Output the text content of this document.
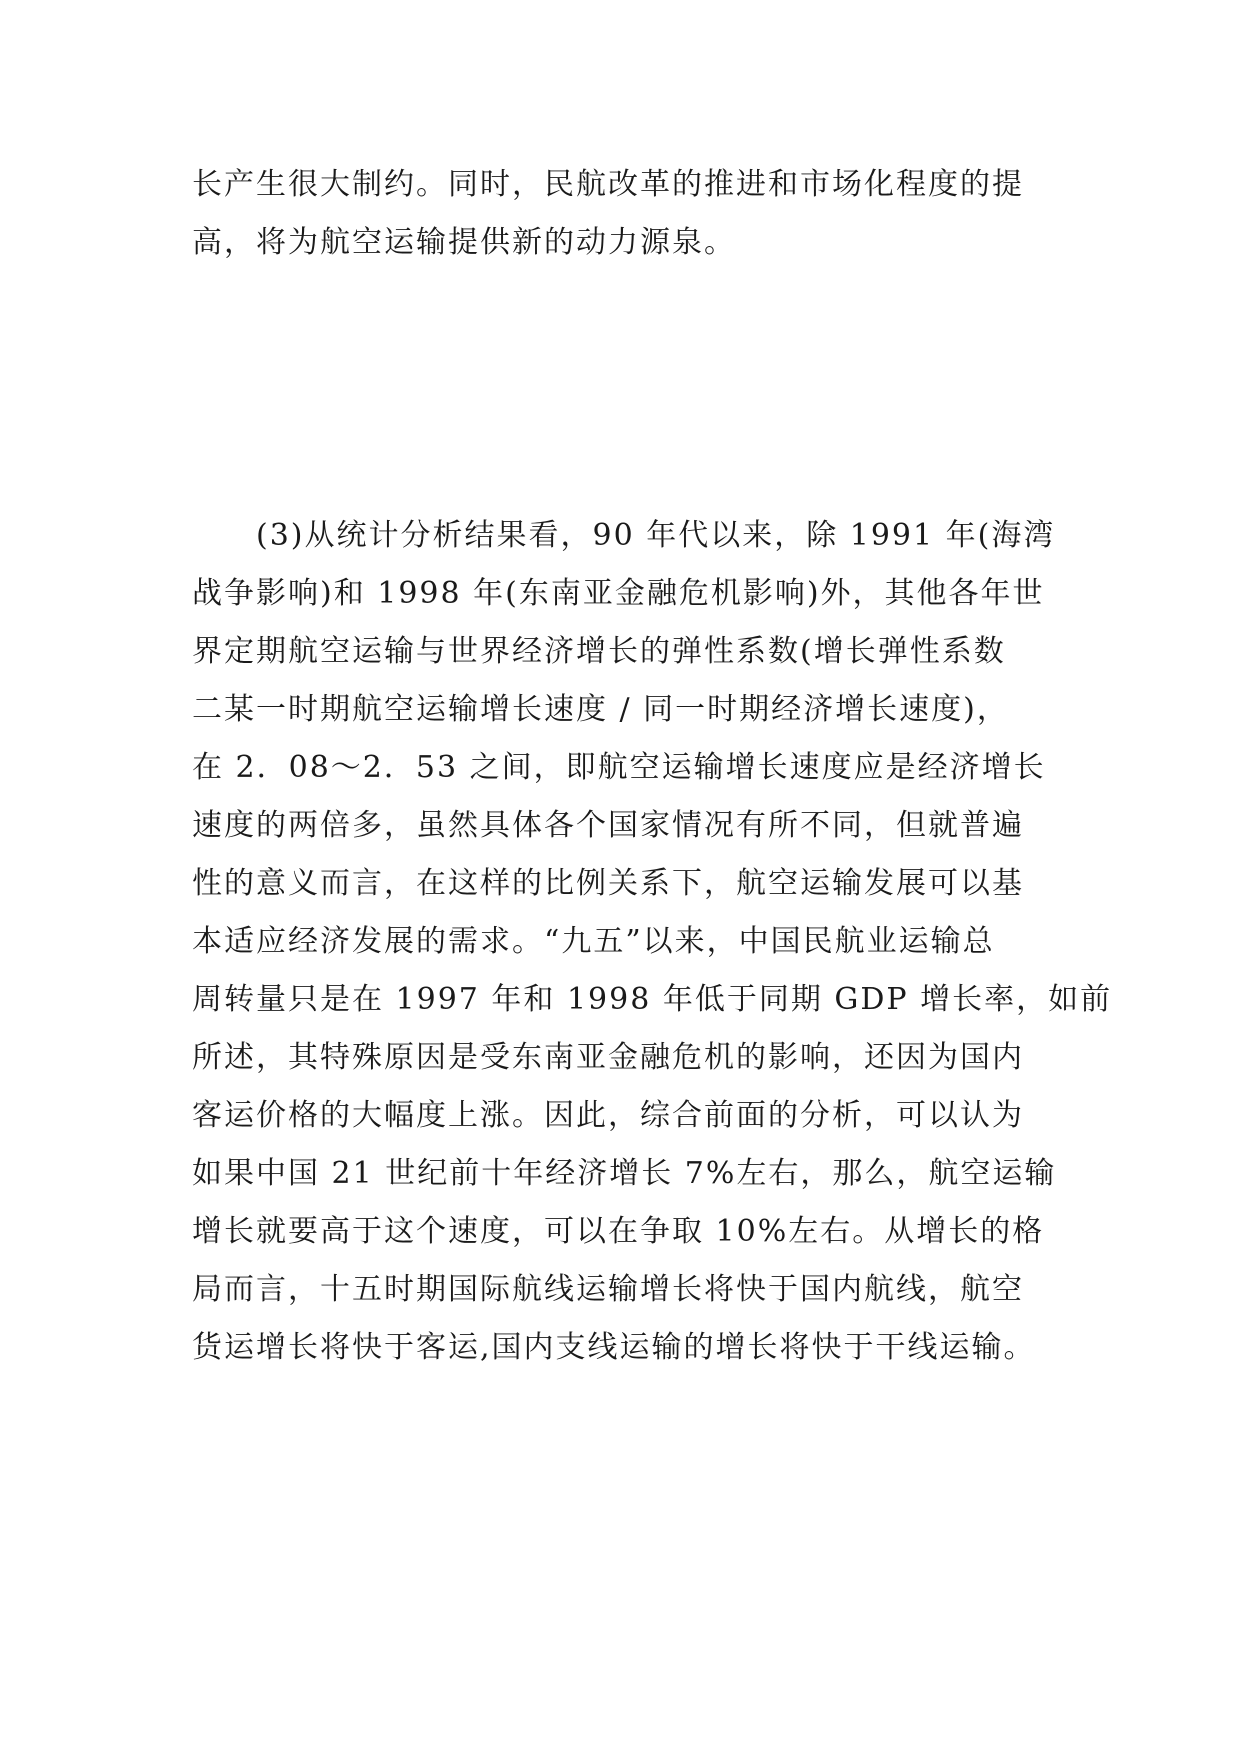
长产生很大制约。同时，民航改革的推进和市场化程度的提
高，将为航空运输提供新的动力源泉。

(3)从统计分析结果看，90 年代以来，除 1991 年(海湾
战争影响)和 1998 年(东南亚金融危机影响)外，其他各年世
界定期航空运输与世界经济增长的弹性系数(增长弹性系数
二某一时期航空运输增长速度 / 同一时期经济增长速度)，
在 2．08～2．53 之间，即航空运输增长速度应是经济增长
速度的两倍多，虽然具体各个国家情况有所不同，但就普遍
性的意义而言，在这样的比例关系下，航空运输发展可以基
本适应经济发展的需求。“九五”以来，中国民航业运输总
周转量只是在 1997 年和 1998 年低于同期 GDP 增长率，如前
所述，其特殊原因是受东南亚金融危机的影响，还因为国内
客运价格的大幅度上涨。因此，综合前面的分析，可以认为
如果中国 21 世纪前十年经济增长 7%左右，那么，航空运输
增长就要高于这个速度，可以在争取 10%左右。从增长的格
局而言，十五时期国际航线运输增长将快于国内航线，航空
货运增长将快于客运,国内支线运输的增长将快于干线运输。
